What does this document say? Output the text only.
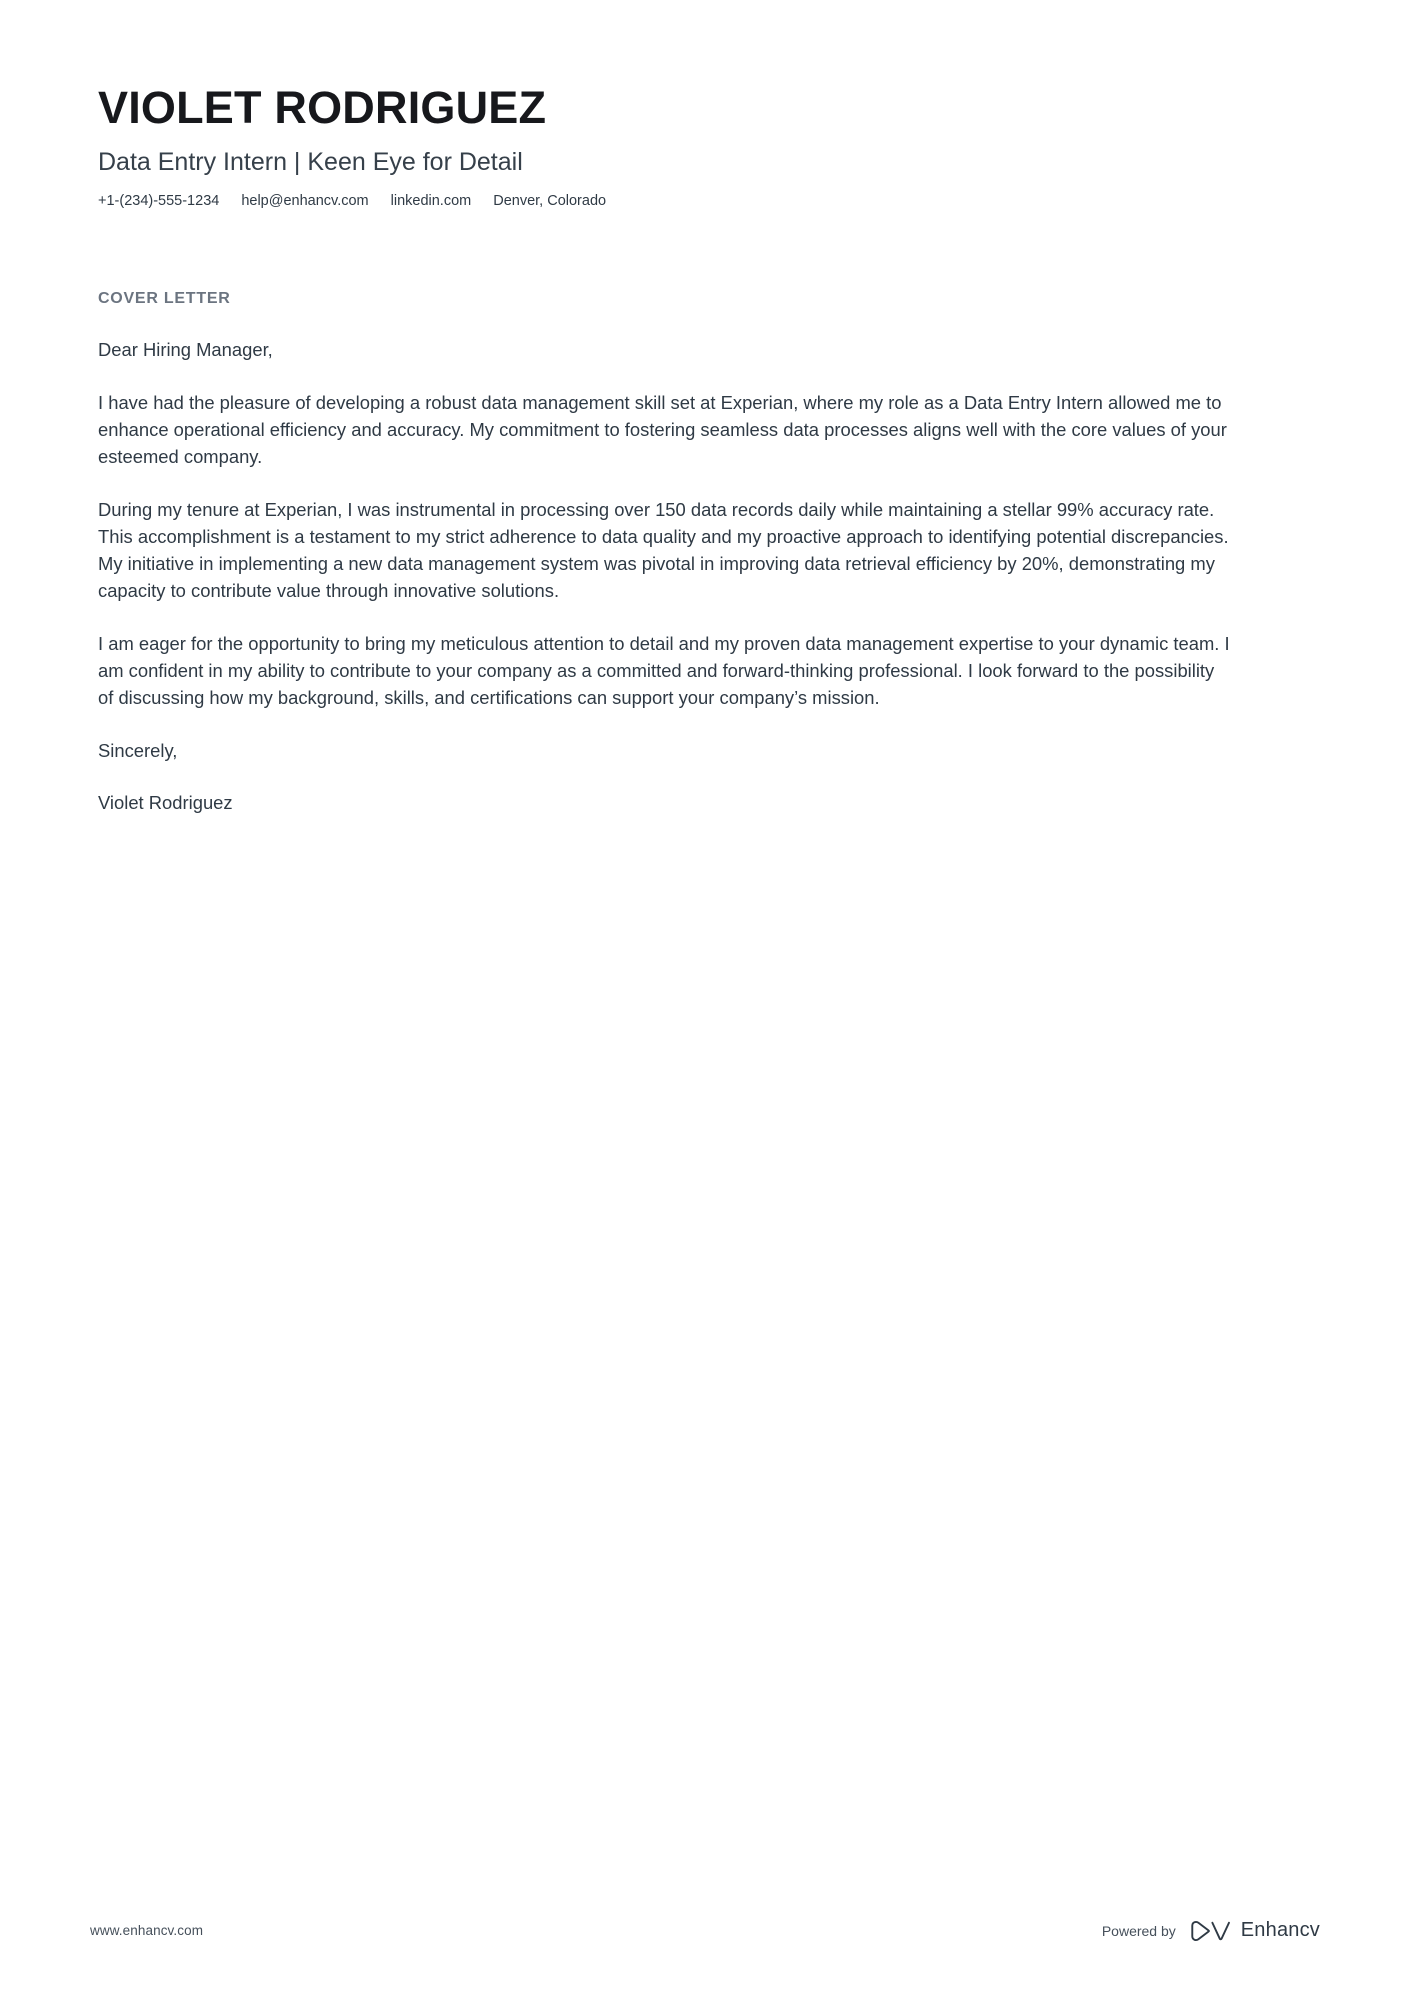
VIOLET RODRIGUEZ
Data Entry Intern | Keen Eye for Detail
+1-(234)-555-1234 help@enhancv.com linkedin.com Denver, Colorado
COVER LETTER

Dear Hiring Manager,

I have had the pleasure of developing a robust data management skill set at Experian, where my role as a Data Entry Intern allowed me to enhance operational efficiency and accuracy. My commitment to fostering seamless data processes aligns well with the core values of your esteemed company.

During my tenure at Experian, I was instrumental in processing over 150 data records daily while maintaining a stellar 99% accuracy rate. This accomplishment is a testament to my strict adherence to data quality and my proactive approach to identifying potential discrepancies. My initiative in implementing a new data management system was pivotal in improving data retrieval efficiency by 20%, demonstrating my capacity to contribute value through innovative solutions.

I am eager for the opportunity to bring my meticulous attention to detail and my proven data management expertise to your dynamic team. I am confident in my ability to contribute to your company as a committed and forward-thinking professional. I look forward to the possibility of discussing how my background, skills, and certifications can support your company’s mission.

Sincerely,

Violet Rodriguez

www.enhancv.com	Powered by	Enhancv
